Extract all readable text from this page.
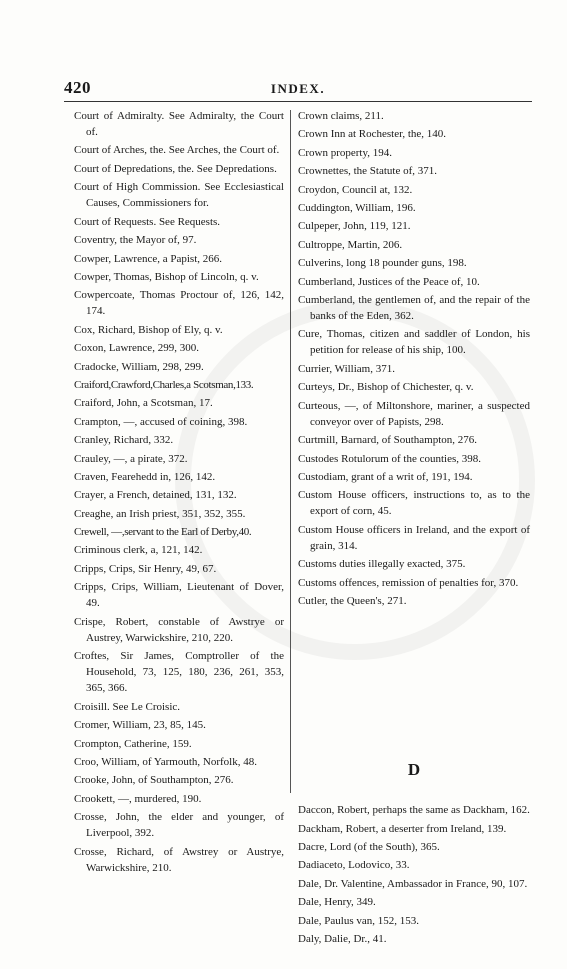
420	INDEX.

Court of Admiralty. See Admiralty, the Court of.

Court of Arches, the. See Arches, the Court of.

Court of Depredations, the. See Depredations.

Court of High Commission. See Ecclesiastical Causes, Commissioners for.

Court of Requests. See Requests.

Coventry, the Mayor of, 97.

Cowper, Lawrence, a Papist, 266.

Cowper, Thomas, Bishop of Lincoln, q. v.

Cowpercoate, Thomas Proctour of, 126, 142, 174.

Cox, Richard, Bishop of Ely, q. v.

Coxon, Lawrence, 299, 300.

Cradocke, William, 298, 299.

Craiford,Crawford,Charles,a Scotsman,133.

Craiford, John, a Scotsman, 17.

Crampton, —, accused of coining, 398.

Cranley, Richard, 332.

Crauley, —, a pirate, 372.

Craven, Fearehedd in, 126, 142.

Crayer, a French, detained, 131, 132.

Creaghe, an Irish priest, 351, 352, 355.

Crewell, —,servant to the Earl of Derby,40.

Criminous clerk, a, 121, 142.

Cripps, Crips, Sir Henry, 49, 67.

Cripps, Crips, William, Lieutenant of Dover, 49.

Crispe, Robert, constable of Awstrye or Austrey, Warwickshire, 210, 220.

Croftes, Sir James, Comptroller of the Household, 73, 125, 180, 236, 261, 353, 365, 366.

Croisill. See Le Croisic.

Cromer, William, 23, 85, 145.

Crompton, Catherine, 159.

Croo, William, of Yarmouth, Norfolk, 48.

Crooke, John, of Southampton, 276.

Crookett, —, murdered, 190.

Crosse, John, the elder and younger, of Liverpool, 392.

Crosse, Richard, of Awstrey or Austrye, Warwickshire, 210.

Crown claims, 211.

Crown Inn at Rochester, the, 140.

Crown property, 194.

Crownettes, the Statute of, 371.

Croydon, Council at, 132.

Cuddington, William, 196.

Culpeper, John, 119, 121.

Cultroppe, Martin, 206.

Culverins, long 18 pounder guns, 198.

Cumberland, Justices of the Peace of, 10.

Cumberland, the gentlemen of, and the repair of the banks of the Eden, 362.

Cure, Thomas, citizen and saddler of London, his petition for release of his ship, 100.

Currier, William, 371.

Curteys, Dr., Bishop of Chichester, q. v.

Curteous, —, of Miltonshore, mariner, a suspected conveyor over of Papists, 298.

Curtmill, Barnard, of Southampton, 276.

Custodes Rotulorum of the counties, 398.

Custodiam, grant of a writ of, 191, 194.

Custom House officers, instructions to, as to the export of corn, 45.

Custom House officers in Ireland, and the export of grain, 314.

Customs duties illegally exacted, 375.

Customs offences, remission of penalties for, 370.

Cutler, the Queen's, 271.

D

Daccon, Robert, perhaps the same as Dackham, 162.

Dackham, Robert, a deserter from Ireland, 139.

Dacre, Lord (of the South), 365.

Dadiaceto, Lodovico, 33.

Dale, Dr. Valentine, Ambassador in France, 90, 107.

Dale, Henry, 349.

Dale, Paulus van, 152, 153.

Daly, Dalie, Dr., 41.
